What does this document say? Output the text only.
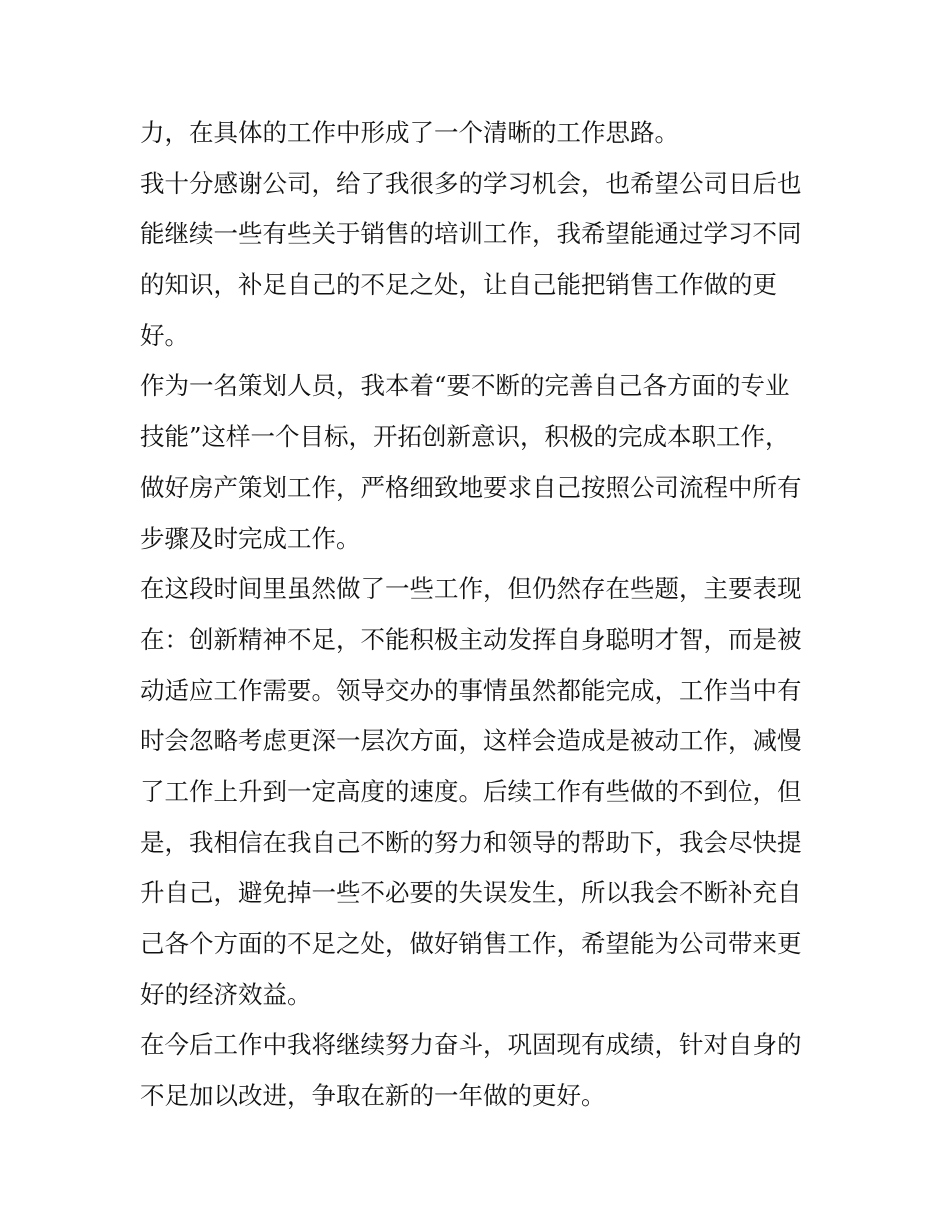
力，在具体的工作中形成了一个清晰的工作思路。
我十分感谢公司，给了我很多的学习机会，也希望公司日后也
能继续一些有些关于销售的培训工作，我希望能通过学习不同
的知识，补足自己的不足之处，让自己能把销售工作做的更
好。
作为一名策划人员，我本着“要不断的完善自己各方面的专业
技能”这样一个目标，开拓创新意识，积极的完成本职工作，
做好房产策划工作，严格细致地要求自己按照公司流程中所有
步骤及时完成工作。
在这段时间里虽然做了一些工作，但仍然存在些题，主要表现
在：创新精神不足，不能积极主动发挥自身聪明才智，而是被
动适应工作需要。领导交办的事情虽然都能完成，工作当中有
时会忽略考虑更深一层次方面，这样会造成是被动工作，减慢
了工作上升到一定高度的速度。后续工作有些做的不到位，但
是，我相信在我自己不断的努力和领导的帮助下，我会尽快提
升自己，避免掉一些不必要的失误发生，所以我会不断补充自
己各个方面的不足之处，做好销售工作，希望能为公司带来更
好的经济效益。
在今后工作中我将继续努力奋斗，巩固现有成绩，针对自身的
不足加以改进，争取在新的一年做的更好。
